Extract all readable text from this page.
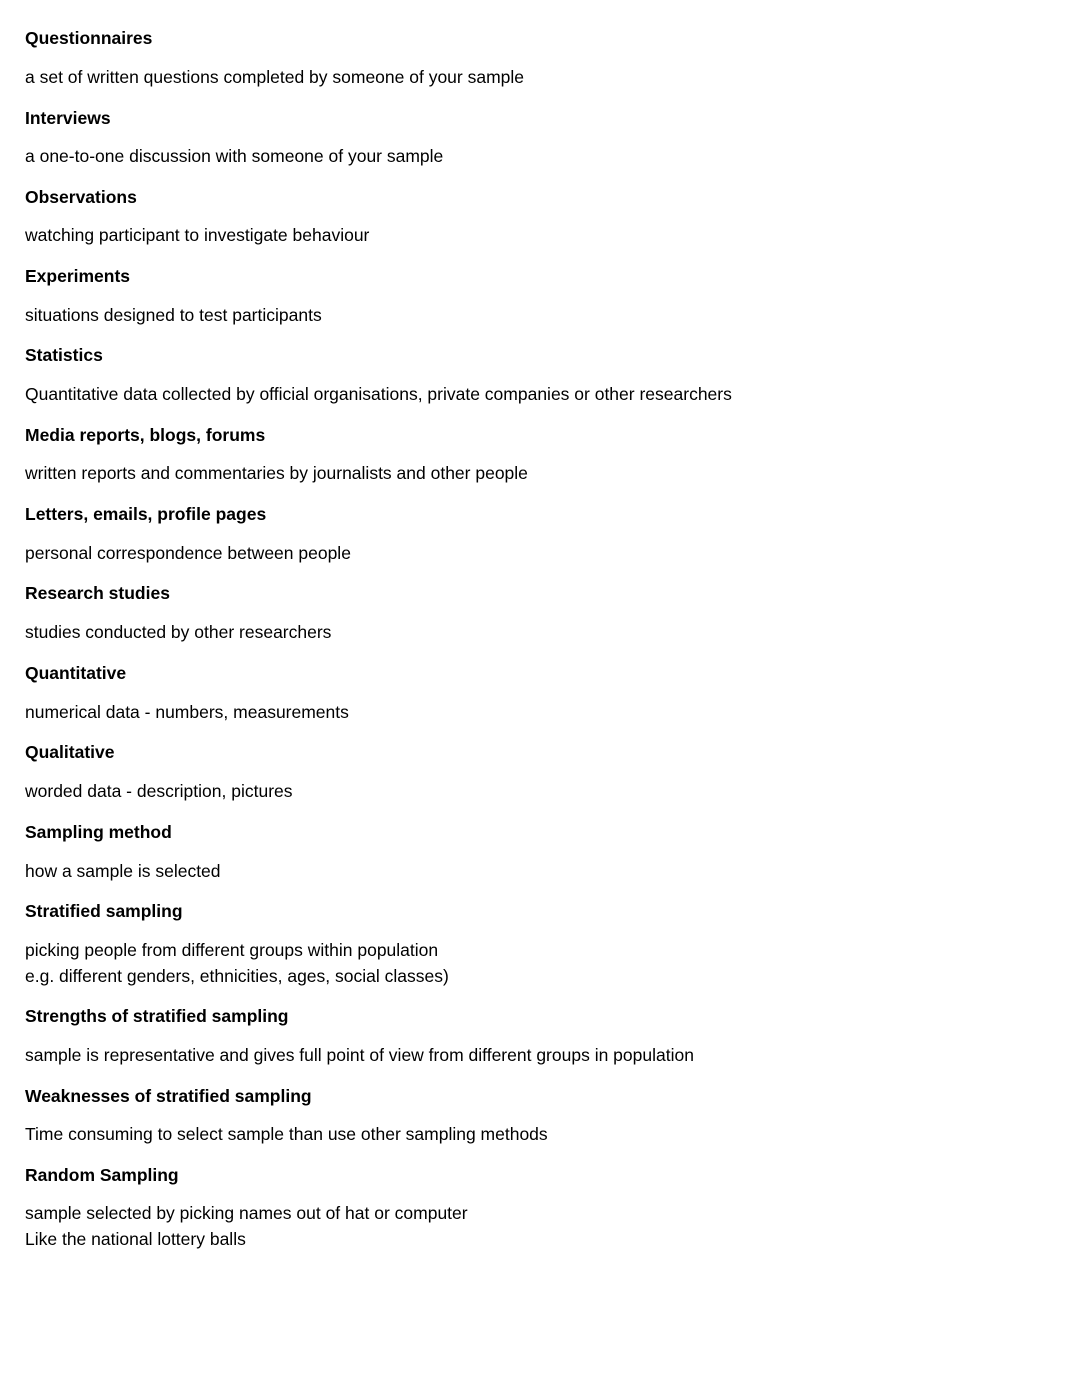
Questionnaires
a set of written questions completed by someone of your sample
Interviews
a one-to-one discussion with someone of your sample
Observations
watching participant to investigate behaviour
Experiments
situations designed to test participants
Statistics
Quantitative data collected by official organisations, private companies or other researchers
Media reports, blogs, forums
written reports and commentaries by journalists and other people
Letters, emails, profile pages
personal correspondence between people
Research studies
studies conducted by other researchers
Quantitative
numerical data - numbers, measurements
Qualitative
worded data - description, pictures
Sampling method
how a sample is selected
Stratified sampling
picking people from different groups within population
e.g. different genders, ethnicities, ages, social classes)
Strengths of stratified sampling
sample is representative and gives full point of view from different groups in population
Weaknesses of stratified sampling
Time consuming to select sample than use other sampling methods
Random Sampling
sample selected by picking names out of hat or computer
Like the national lottery balls
